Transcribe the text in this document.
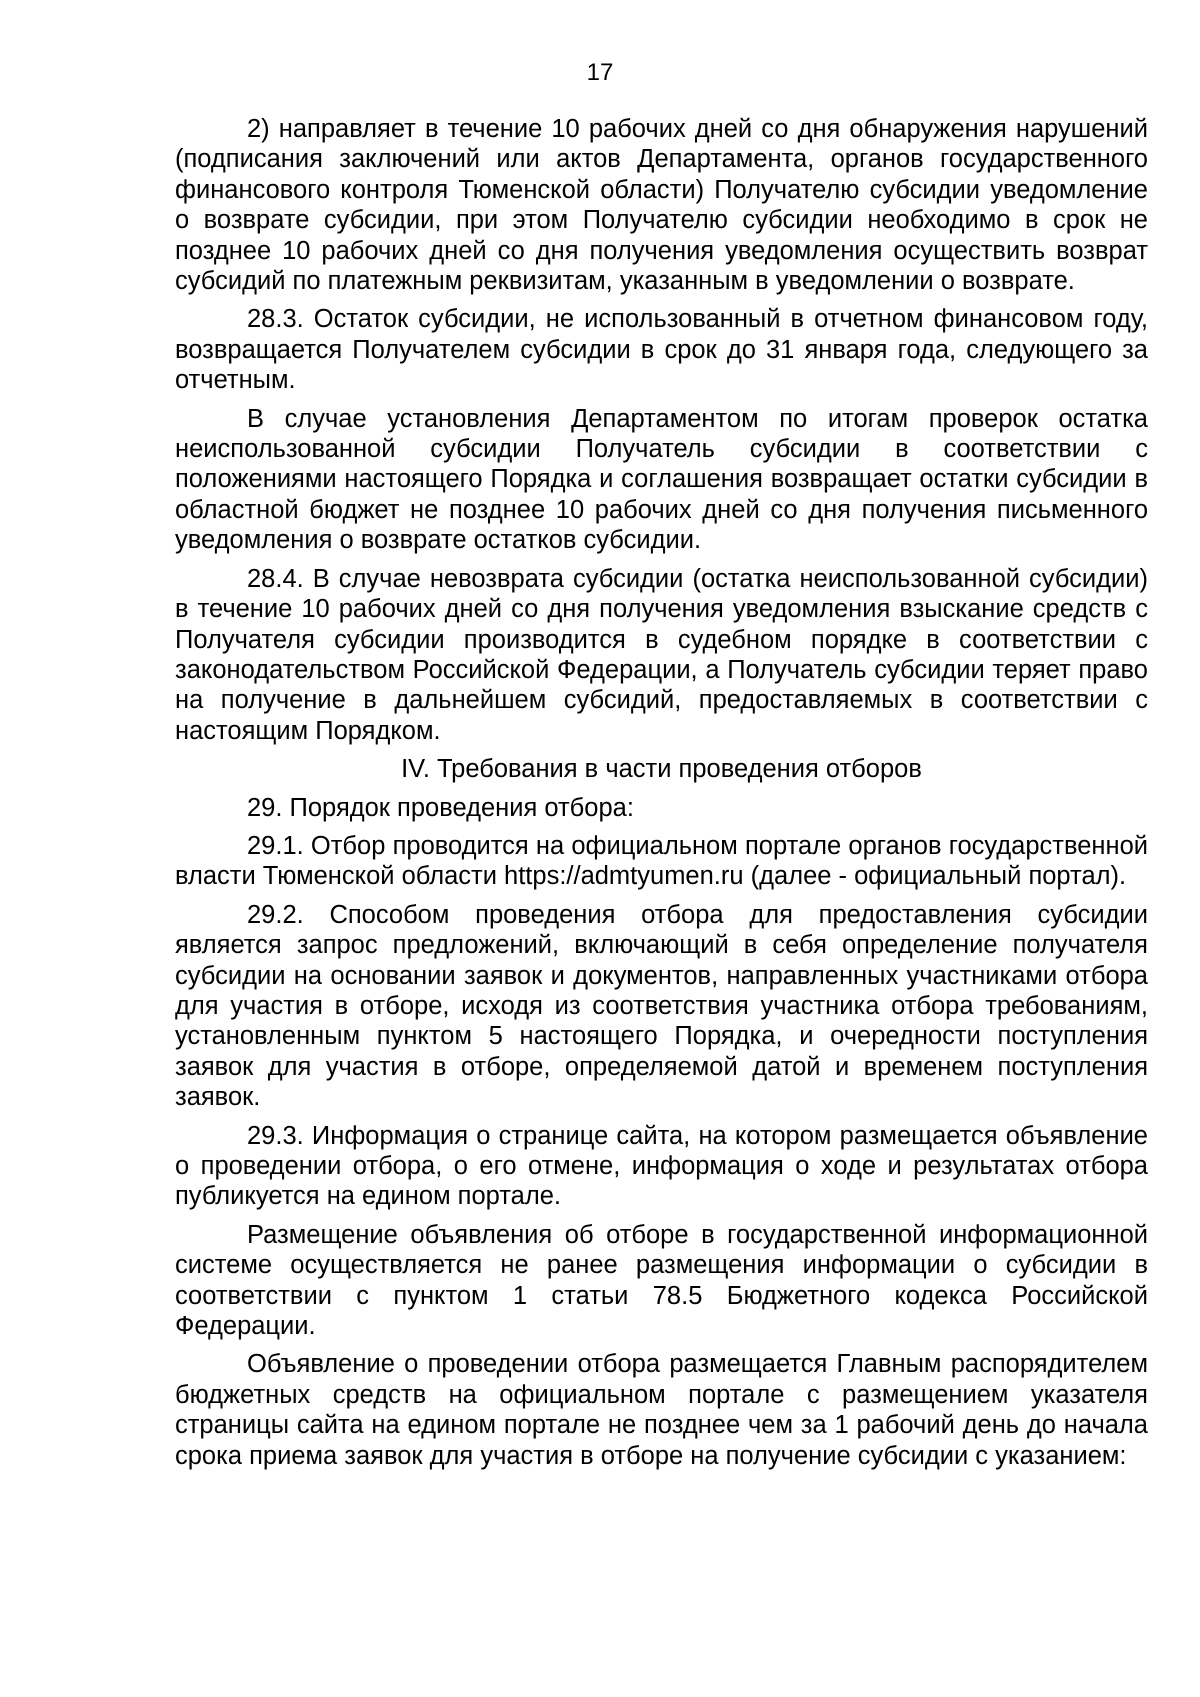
17

2) направляет в течение 10 рабочих дней со дня обнаружения нарушений (подписания заключений или актов Департамента, органов государственного финансового контроля Тюменской области) Получателю субсидии уведомление о возврате субсидии, при этом Получателю субсидии необходимо в срок не позднее 10 рабочих дней со дня получения уведомления осуществить возврат субсидий по платежным реквизитам, указанным в уведомлении о возврате.

28.3. Остаток субсидии, не использованный в отчетном финансовом году, возвращается Получателем субсидии в срок до 31 января года, следующего за отчетным.

В случае установления Департаментом по итогам проверок остатка неиспользованной субсидии Получатель субсидии в соответствии с положениями настоящего Порядка и соглашения возвращает остатки субсидии в областной бюджет не позднее 10 рабочих дней со дня получения письменного уведомления о возврате остатков субсидии.

28.4. В случае невозврата субсидии (остатка неиспользованной субсидии) в течение 10 рабочих дней со дня получения уведомления взыскание средств с Получателя субсидии производится в судебном порядке в соответствии с законодательством Российской Федерации, а Получатель субсидии теряет право на получение в дальнейшем субсидий, предоставляемых в соответствии с настоящим Порядком.

IV. Требования в части проведения отборов

29. Порядок проведения отбора:

29.1. Отбор проводится на официальном портале органов государственной власти Тюменской области https://admtyumen.ru (далее - официальный портал).

29.2. Способом проведения отбора для предоставления субсидии является запрос предложений, включающий в себя определение получателя субсидии на основании заявок и документов, направленных участниками отбора для участия в отборе, исходя из соответствия участника отбора требованиям, установленным пунктом 5 настоящего Порядка, и очередности поступления заявок для участия в отборе, определяемой датой и временем поступления заявок.

29.3. Информация о странице сайта, на котором размещается объявление о проведении отбора, о его отмене, информация о ходе и результатах отбора публикуется на едином портале.

Размещение объявления об отборе в государственной информационной системе осуществляется не ранее размещения информации о субсидии в соответствии с пунктом 1 статьи 78.5 Бюджетного кодекса Российской Федерации.

Объявление о проведении отбора размещается Главным распорядителем бюджетных средств на официальном портале с размещением указателя страницы сайта на едином портале не позднее чем за 1 рабочий день до начала срока приема заявок для участия в отборе на получение субсидии с указанием:
